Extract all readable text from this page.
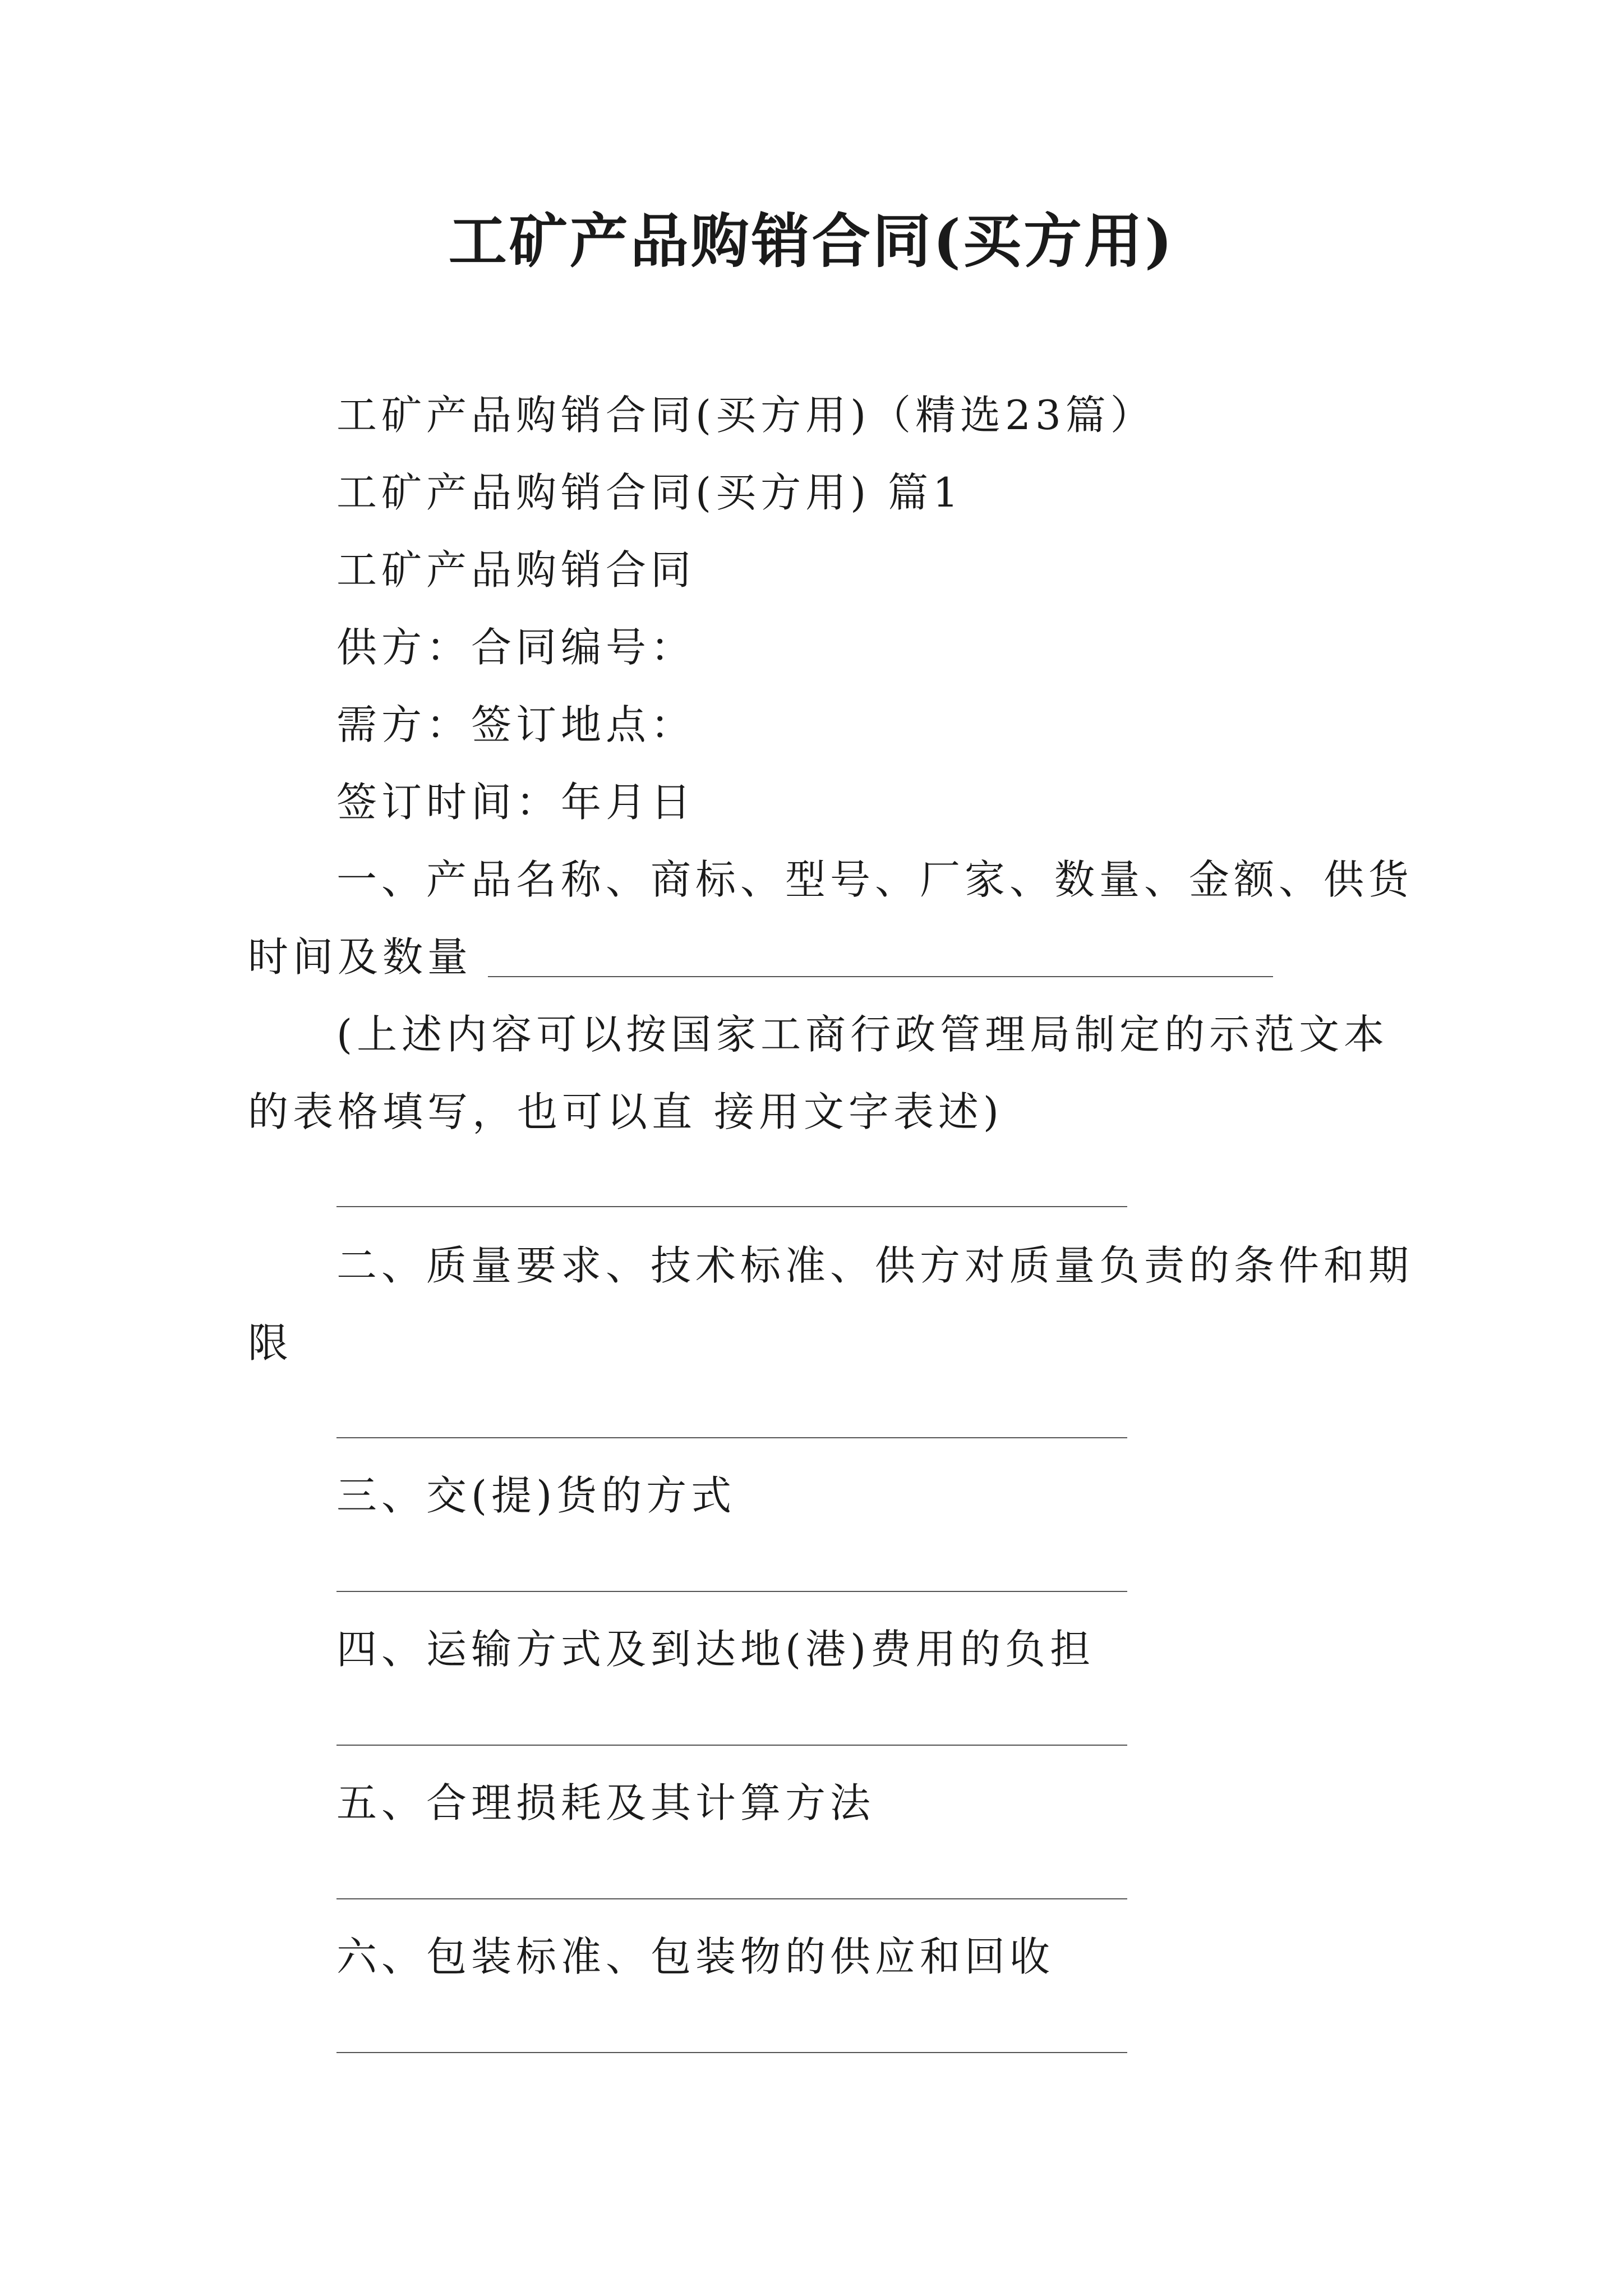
工矿产品购销合同(买方用)
工矿产品购销合同(买方用)（精选23篇）
工矿产品购销合同(买方用) 篇1
工矿产品购销合同
供方：合同编号：
需方：签订地点：
签订时间：年月日
一、产品名称、商标、型号、厂家、数量、金额、供货
时间及数量
(上述内容可以按国家工商行政管理局制定的示范文本
的表格填写，也可以直 接用文字表述)
二、质量要求、技术标准、供方对质量负责的条件和期
限
三、交(提)货的方式
四、运输方式及到达地(港)费用的负担
五、合理损耗及其计算方法
六、包装标准、包装物的供应和回收
